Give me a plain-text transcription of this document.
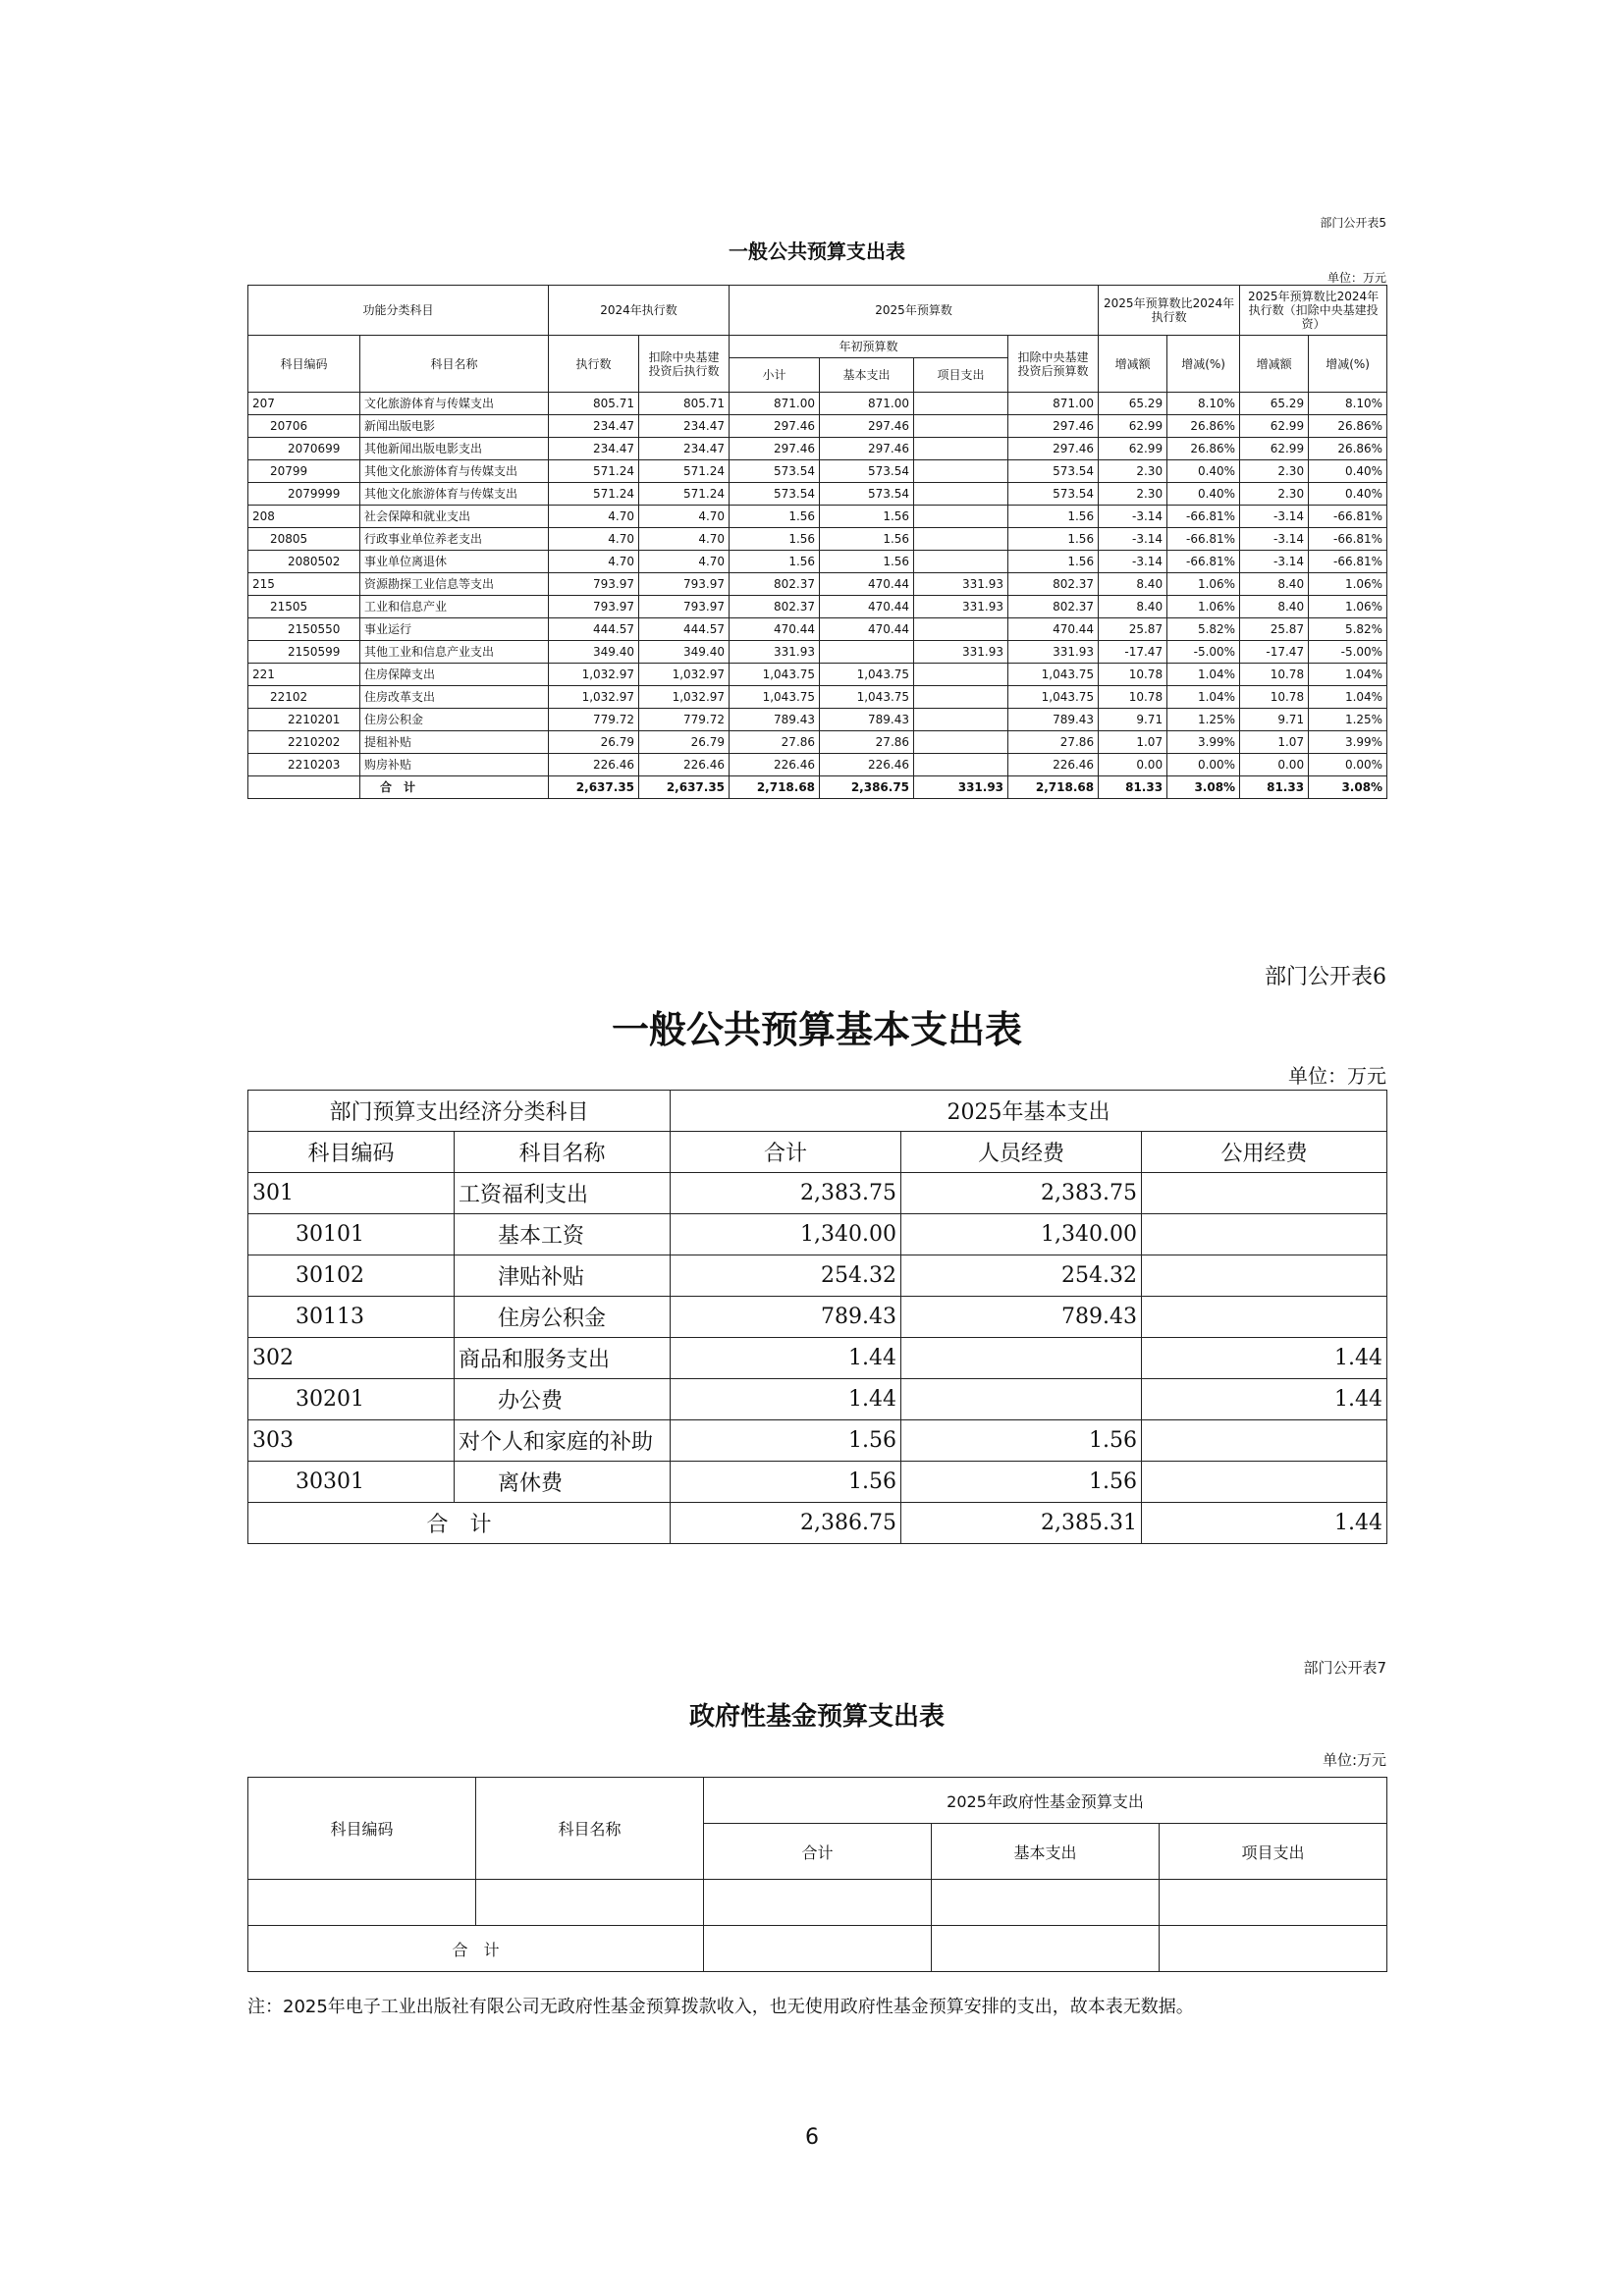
部门公开表5
一般公共预算支出表
单位：万元
功能分类科目		2024年执行数		2025年预算数				2025年预算数比2024年执行数		2025年预算数比2024年执行数（扣除中央基建投资）	

科目编码	科目名称	执行数	扣除中央基建投资后执行数	年初预算数			扣除中央基建投资后预算数	增减额	增减(%)	增减额	增减(%)
				小计	基本支出	项目支出					
207	文化旅游体育与传媒支出	805.71	805.71	871.00	871.00		871.00	65.29	8.10%	65.29	8.10%
20706	新闻出版电影	234.47	234.47	297.46	297.46		297.46	62.99	26.86%	62.99	26.86%
2070699	其他新闻出版电影支出	234.47	234.47	297.46	297.46		297.46	62.99	26.86%	62.99	26.86%
20799	其他文化旅游体育与传媒支出	571.24	571.24	573.54	573.54		573.54	2.30	0.40%	2.30	0.40%
2079999	其他文化旅游体育与传媒支出	571.24	571.24	573.54	573.54		573.54	2.30	0.40%	2.30	0.40%
208	社会保障和就业支出	4.70	4.70	1.56	1.56		1.56	-3.14	-66.81%	-3.14	-66.81%
20805	行政事业单位养老支出	4.70	4.70	1.56	1.56		1.56	-3.14	-66.81%	-3.14	-66.81%
2080502	事业单位离退休	4.70	4.70	1.56	1.56		1.56	-3.14	-66.81%	-3.14	-66.81%
215	资源勘探工业信息等支出	793.97	793.97	802.37	470.44	331.93	802.37	8.40	1.06%	8.40	1.06%
21505	工业和信息产业	793.97	793.97	802.37	470.44	331.93	802.37	8.40	1.06%	8.40	1.06%
2150550	事业运行	444.57	444.57	470.44	470.44		470.44	25.87	5.82%	25.87	5.82%
2150599	其他工业和信息产业支出	349.40	349.40	331.93		331.93	331.93	-17.47	-5.00%	-17.47	-5.00%
221	住房保障支出	1,032.97	1,032.97	1,043.75	1,043.75		1,043.75	10.78	1.04%	10.78	1.04%
22102	住房改革支出	1,032.97	1,032.97	1,043.75	1,043.75		1,043.75	10.78	1.04%	10.78	1.04%
2210201	住房公积金	779.72	779.72	789.43	789.43		789.43	9.71	1.25%	9.71	1.25%
2210202	提租补贴	26.79	26.79	27.86	27.86		27.86	1.07	3.99%	1.07	3.99%
2210203	购房补贴	226.46	226.46	226.46	226.46		226.46	0.00	0.00%	0.00	0.00%
	合　计	2,637.35	2,637.35	2,718.68	2,386.75	331.93	2,718.68	81.33	3.08%	81.33	3.08%
部门公开表6
一般公共预算基本支出表
单位：万元
部门预算支出经济分类科目		2025年基本支出		
科目编码	科目名称	合计	人员经费	公用经费
301	工资福利支出	2,383.75	2,383.75	
30101	基本工资	1,340.00	1,340.00	
30102	津贴补贴	254.32	254.32	
30113	住房公积金	789.43	789.43	
302	商品和服务支出	1.44		1.44
30201	办公费	1.44		1.44
303	对个人和家庭的补助	1.56	1.56	
30301	离休费	1.56	1.56	
合　计		2,386.75	2,385.31	1.44
部门公开表7
政府性基金预算支出表
单位:万元
科目编码	科目名称	2025年政府性基金预算支出		
		合计	基本支出	项目支出

合　计				
注：2025年电子工业出版社有限公司无政府性基金预算拨款收入，也无使用政府性基金预算安排的支出，故本表无数据。
6
